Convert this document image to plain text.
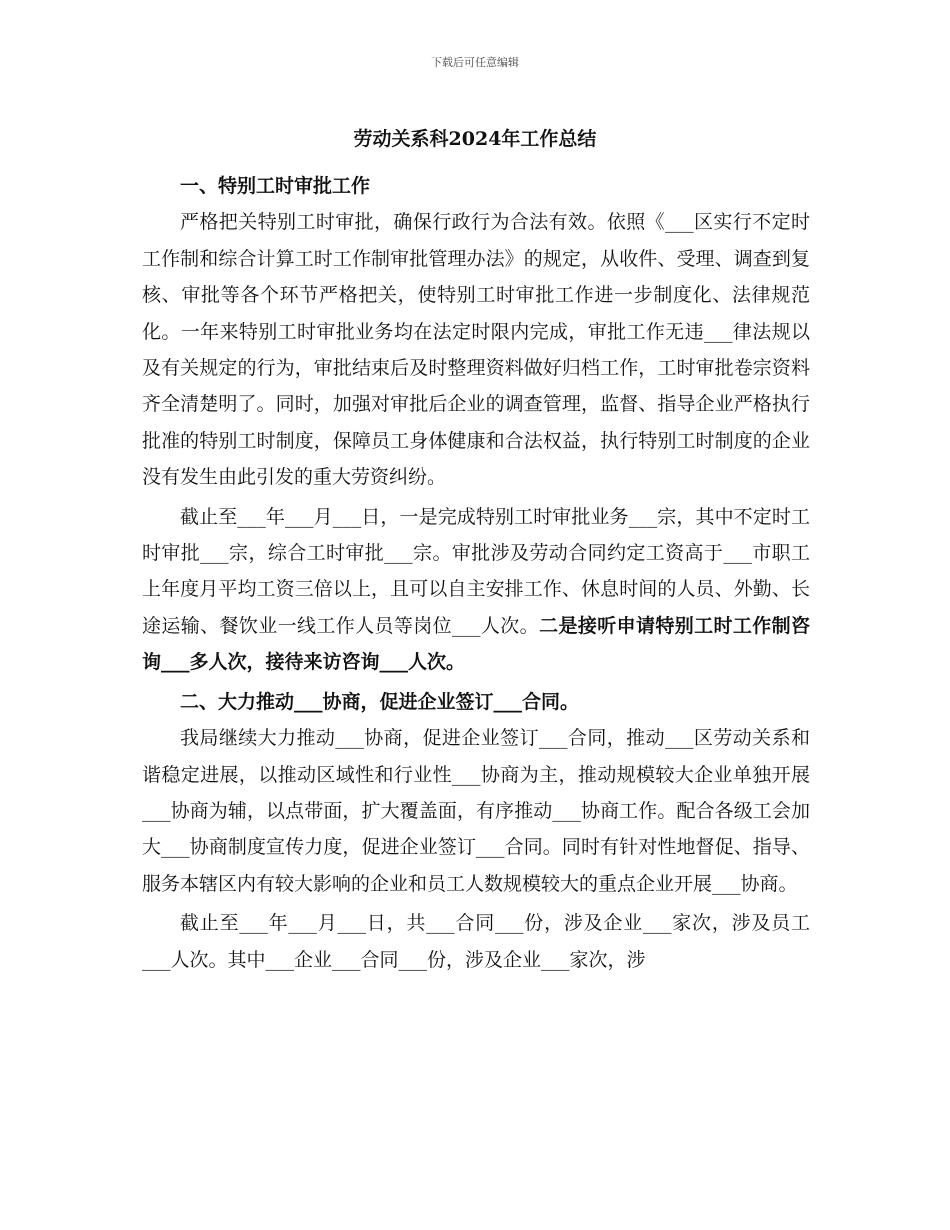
下载后可任意编辑
劳动关系科2024年工作总结
一、特别工时审批工作

严格把关特别工时审批，确保行政行为合法有效。依照《___区实行不定时工作制和综合计算工时工作制审批管理办法》的规定，从收件、受理、调查到复核、审批等各个环节严格把关，使特别工时审批工作进一步制度化、法律规范化。一年来特别工时审批业务均在法定时限内完成，审批工作无违___律法规以及有关规定的行为，审批结束后及时整理资料做好归档工作，工时审批卷宗资料齐全清楚明了。同时，加强对审批后企业的调查管理，监督、指导企业严格执行批准的特别工时制度，保障员工身体健康和合法权益，执行特别工时制度的企业没有发生由此引发的重大劳资纠纷。

截止至___年___月___日，一是完成特别工时审批业务___宗，其中不定时工时审批___宗，综合工时审批___宗。审批涉及劳动合同约定工资高于___市职工上年度月平均工资三倍以上，且可以自主安排工作、休息时间的人员、外勤、长途运输、餐饮业一线工作人员等岗位___人次。二是接听申请特别工时工作制咨询___多人次，接待来访咨询___人次。

二、大力推动___协商，促进企业签订___合同。

我局继续大力推动___协商，促进企业签订___合同，推动___区劳动关系和谐稳定进展，以推动区域性和行业性___协商为主，推动规模较大企业单独开展___协商为辅，以点带面，扩大覆盖面，有序推动___协商工作。配合各级工会加大___协商制度宣传力度，促进企业签订___合同。同时有针对性地督促、指导、服务本辖区内有较大影响的企业和员工人数规模较大的重点企业开展___协商。

截止至___年___月___日，共___合同___份，涉及企业___家次，涉及员工___人次。其中___企业___合同___份，涉及企业___家次，涉
